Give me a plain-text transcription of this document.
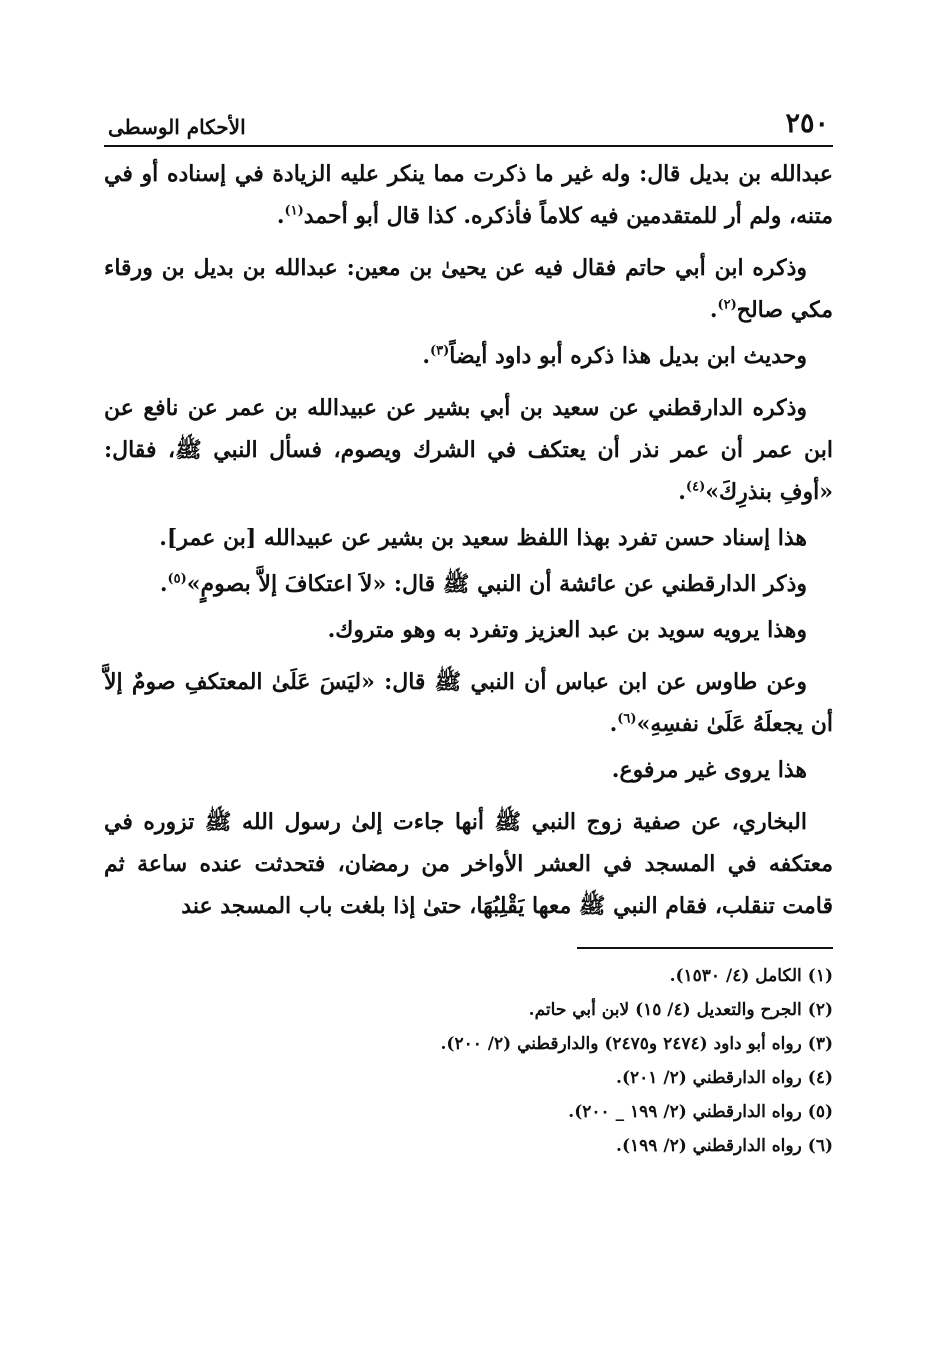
٢٥٠
الأحكام الوسطى

عبدالله بن بديل قال: وله غير ما ذكرت مما ينكر عليه الزيادة في إسناده أو في متنه، ولم أر للمتقدمين فيه كلاماً فأذكره. كذا قال أبو أحمد$^{(١)}$.

وذكره ابن أبي حاتم فقال فيه عن يحيىٰ بن معين: عبدالله بن بديل بن ورقاء مكي صالح$^{(٢)}$.

وحديث ابن بديل هذا ذكره أبو داود أيضاً$^{(٣)}$.

وذكره الدارقطني عن سعيد بن أبي بشير عن عبيدالله بن عمر عن نافع عن ابن عمر أن عمر نذر أن يعتكف في الشرك ويصوم، فسأل النبي ﷺ، فقال: «أوفِ بنذرِكَ»$^{(٤)}$.

هذا إسناد حسن تفرد بهذا اللفظ سعيد بن بشير عن عبيدالله [بن عمر].

وذكر الدارقطني عن عائشة أن النبي ﷺ قال: «لاَ اعتكافَ إلاَّ بصومٍ»$^{(٥)}$.

وهذا يرويه سويد بن عبد العزيز وتفرد به وهو متروك.

وعن طاوس عن ابن عباس أن النبي ﷺ قال: «ليَسَ عَلَىٰ المعتكفِ صومٌ إلاَّ أن يجعلَهُ عَلَىٰ نفسِهِ»$^{(٦)}$.

هذا يروى غير مرفوع.

البخاري، عن صفية زوج النبي ﷺ أنها جاءت إلىٰ رسول الله ﷺ تزوره في معتكفه في المسجد في العشر الأواخر من رمضان، فتحدثت عنده ساعة ثم قامت تنقلب، فقام النبي ﷺ معها يَقْلِبُهَا، حتىٰ إذا بلغت باب المسجد عند

(١)الكامل (٤/ ١٥٣٠).

(٢)الجرح والتعديل (٤/ ١٥) لابن أبي حاتم.

(٣)رواه أبو داود (٢٤٧٤ و٢٤٧٥) والدارقطني (٢/ ٢٠٠).

(٤)رواه الدارقطني (٢/ ٢٠١).

(٥)رواه الدارقطني (٢/ ١٩٩ _ ٢٠٠).

(٦)رواه الدارقطني (٢/ ١٩٩).
